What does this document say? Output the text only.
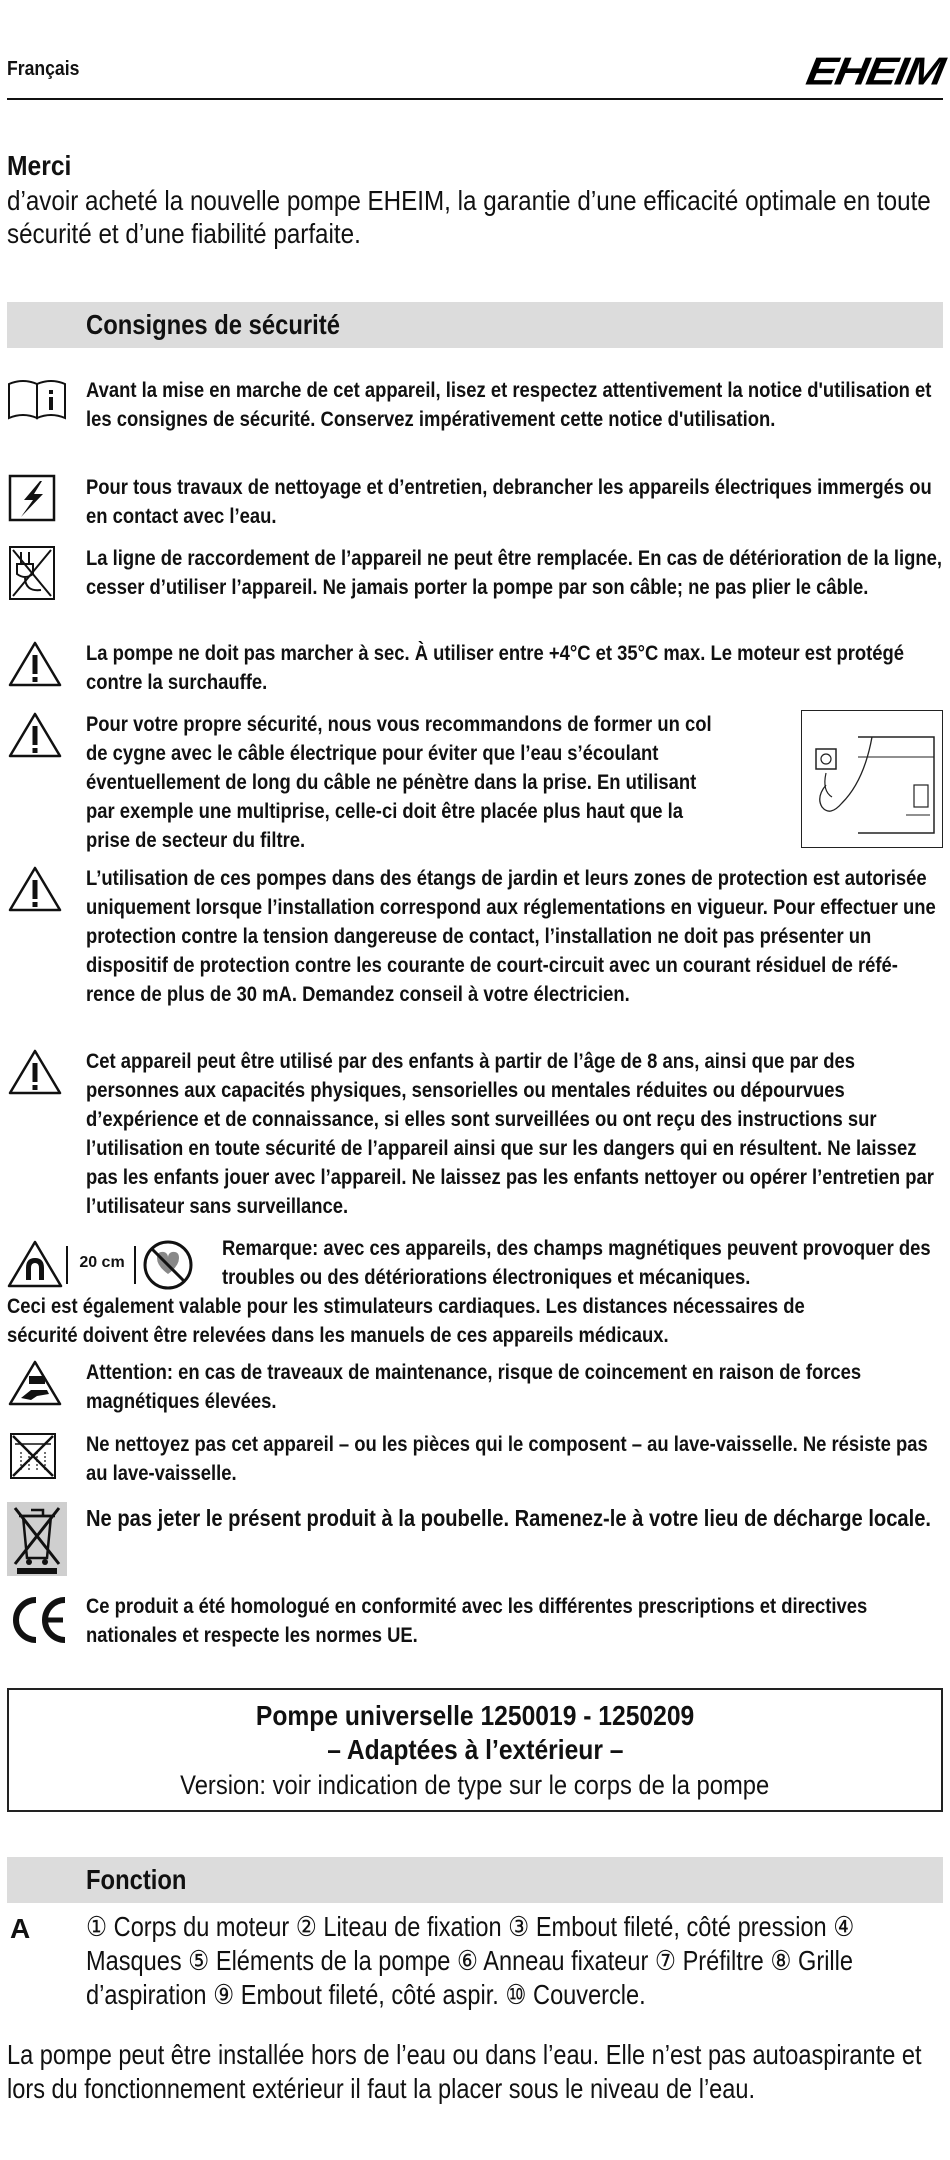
Français	EHEIM
Merci
d’avoir acheté la nouvelle pompe EHEIM, la garantie d’une efficacité optimale en toute sécurité et d’une fiabilité parfaite.
Consignes de sécurité
Avant la mise en marche de cet appareil, lisez et respectez attentivement la notice d'utilisation et les consignes de sécurité. Conservez impérativement cette notice d'utilisation.
Pour tous travaux de nettoyage et d’entretien, debrancher les appareils électriques immergés ou en contact avec l’eau.
La ligne de raccordement de l’appareil ne peut être remplacée. En cas de détérioration de la ligne, cesser d’utiliser l’appareil. Ne jamais porter la pompe par son câble; ne pas plier le câble.
La pompe ne doit pas marcher à sec. À utiliser entre +4°C et 35°C max. Le moteur est protégé contre la surchauffe.
Pour votre propre sécurité, nous vous recommandons de former un col de cygne avec le câble électrique pour éviter que l’eau s’écoulant éventuellement de long du câble ne pénètre dans la prise. En utilisant par exemple une multiprise, celle-ci doit être placée plus haut que la prise de secteur du filtre.
L’utilisation de ces pompes dans des étangs de jardin et leurs zones de protection est autorisée uniquement lorsque l’installation correspond aux réglementations en vigueur. Pour effectuer une protection contre la tension dangereuse de contact, l’installation ne doit pas présenter un dispositif de protection contre les courante de court-circuit avec un courant résiduel de réfé-rence de plus de 30 mA. Demandez conseil à votre électricien.
Cet appareil peut être utilisé par des enfants à partir de l’âge de 8 ans, ainsi que par des personnes aux capacités physiques, sensorielles ou mentales réduites ou dépourvues d’expérience et de connaissance, si elles sont surveillées ou ont reçu des instructions sur l’utilisation en toute sécurité de l’appareil ainsi que sur les dangers qui en résultent. Ne laissez pas les enfants jouer avec l’appareil. Ne laissez pas les enfants nettoyer ou opérer l’entretien par l’utilisateur sans surveillance.
20 cm
Remarque: avec ces appareils, des champs magnétiques peuvent provoquer des troubles ou des détériorations électroniques et mécaniques.
Ceci est également valable pour les stimulateurs cardiaques. Les distances nécessaires de sécurité doivent être relevées dans les manuels de ces appareils médicaux.
Attention: en cas de traveaux de maintenance, risque de coincement en raison de forces magnétiques élevées.
Ne nettoyez pas cet appareil – ou les pièces qui le composent – au lave-vaisselle. Ne résiste pas au lave-vaisselle.
Ne pas jeter le présent produit à la poubelle. Ramenez-le à votre lieu de décharge locale.
Ce produit a été homologué en conformité avec les différentes prescriptions et directives nationales et respecte les normes UE.
Pompe universelle 1250019 - 1250209
– Adaptées à l’extérieur –
Version: voir indication de type sur le corps de la pompe
Fonction
A ① Corps du moteur ② Liteau de fixation ③ Embout fileté, côté pression ④ Masques ⑤ Eléments de la pompe ⑥ Anneau fixateur ⑦ Préfiltre ⑧ Grille d’aspiration ⑨ Embout fileté, côté aspir. ⑩ Couvercle.
La pompe peut être installée hors de l’eau ou dans l’eau. Elle n’est pas autoaspirante et lors du fonctionnement extérieur il faut la placer sous le niveau de l’eau.
